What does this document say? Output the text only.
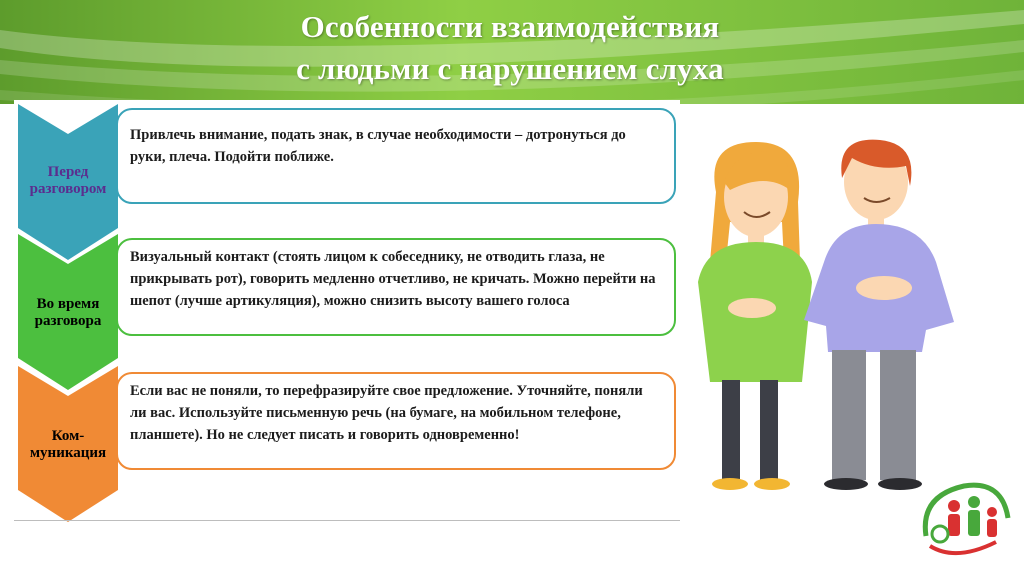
Особенности взаимодействия
с людьми с нарушением слуха
Перед
разговором
Привлечь внимание, подать знак, в случае необходимости – дотронуться до руки, плеча. Подойти поближе.
Во время
разговора
Визуальный контакт (стоять лицом к собеседнику, не отводить глаза, не прикрывать рот), говорить медленно отчетливо, не кричать. Можно перейти на шепот (лучше артикуляция), можно снизить высоту вашего голоса
Ком-
муникация
Если вас не поняли, то перефразируйте свое предложение. Уточняйте, поняли ли вас. Используйте письменную речь (на бумаге, на мобильном телефоне, планшете). Но не следует писать и говорить одновременно!
